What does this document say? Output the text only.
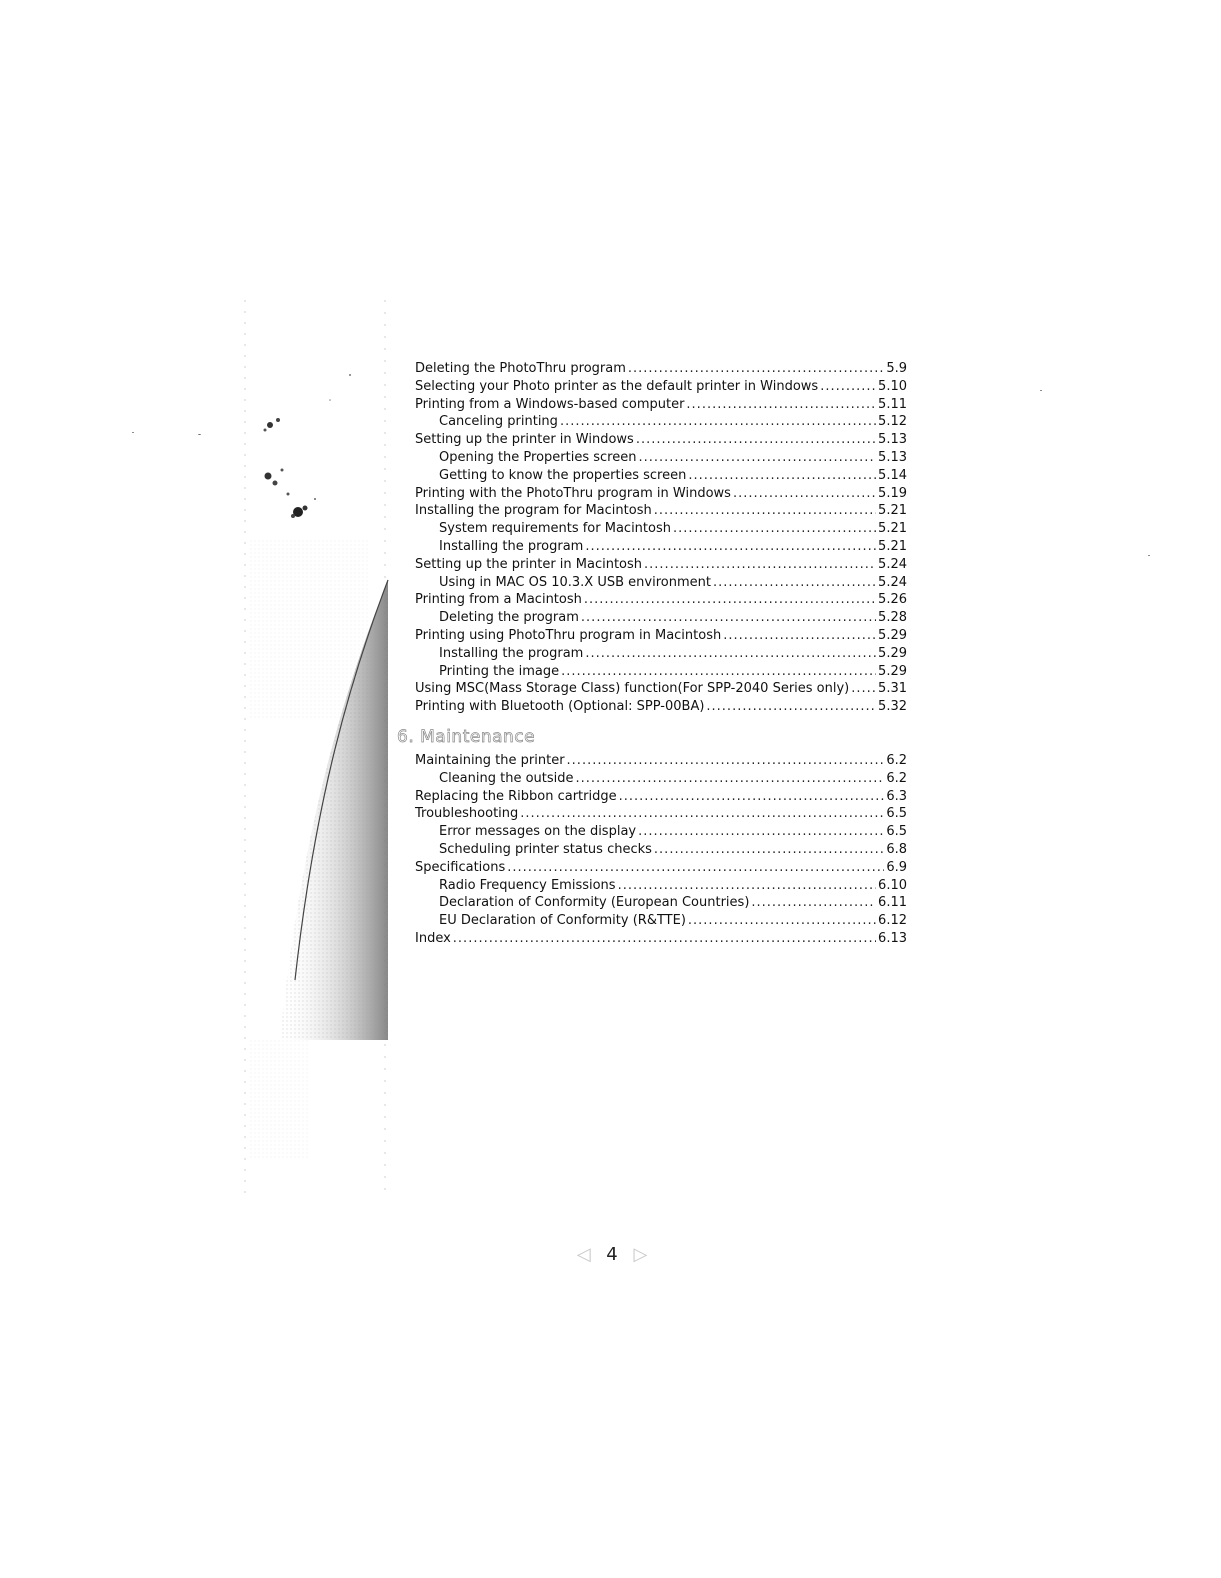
Deleting the PhotoThru program .....	5.9
Selecting your Photo printer as the default printer in Windows .....	5.10
Printing from a Windows-based computer .....	5.11
Canceling printing .....	5.12
Setting up the printer in Windows .....	5.13
Opening the Properties screen .....	5.13
Getting to know the properties screen .....	5.14
Printing with the PhotoThru program in Windows .....	5.19
Installing the program for Macintosh .....	5.21
System requirements for Macintosh .....	5.21
Installing the program .....	5.21
Setting up the printer in Macintosh .....	5.24
Using in MAC OS 10.3.X USB environment .....	5.24
Printing from a Macintosh .....	5.26
Deleting the program .....	5.28
Printing using PhotoThru program in Macintosh .....	5.29
Installing the program .....	5.29
Printing the image .....	5.29
Using MSC(Mass Storage Class) function(For SPP-2040 Series only) ..... 5.31
Printing with Bluetooth (Optional: SPP-00BA) .....	5.32
6. Maintenance
Maintaining the printer .....	6.2
Cleaning the outside .....	6.2
Replacing the Ribbon cartridge .....	6.3
Troubleshooting .....	6.5
Error messages on the display .....	6.5
Scheduling printer status checks .....	6.8
Specifications .....	6.9
Radio Frequency Emissions .....	6.10
Declaration of Conformity (European Countries) .....	6.11
EU Declaration of Conformity (R&TTE) .....	6.12
Index .....	6.13
◁ 4 ▷
